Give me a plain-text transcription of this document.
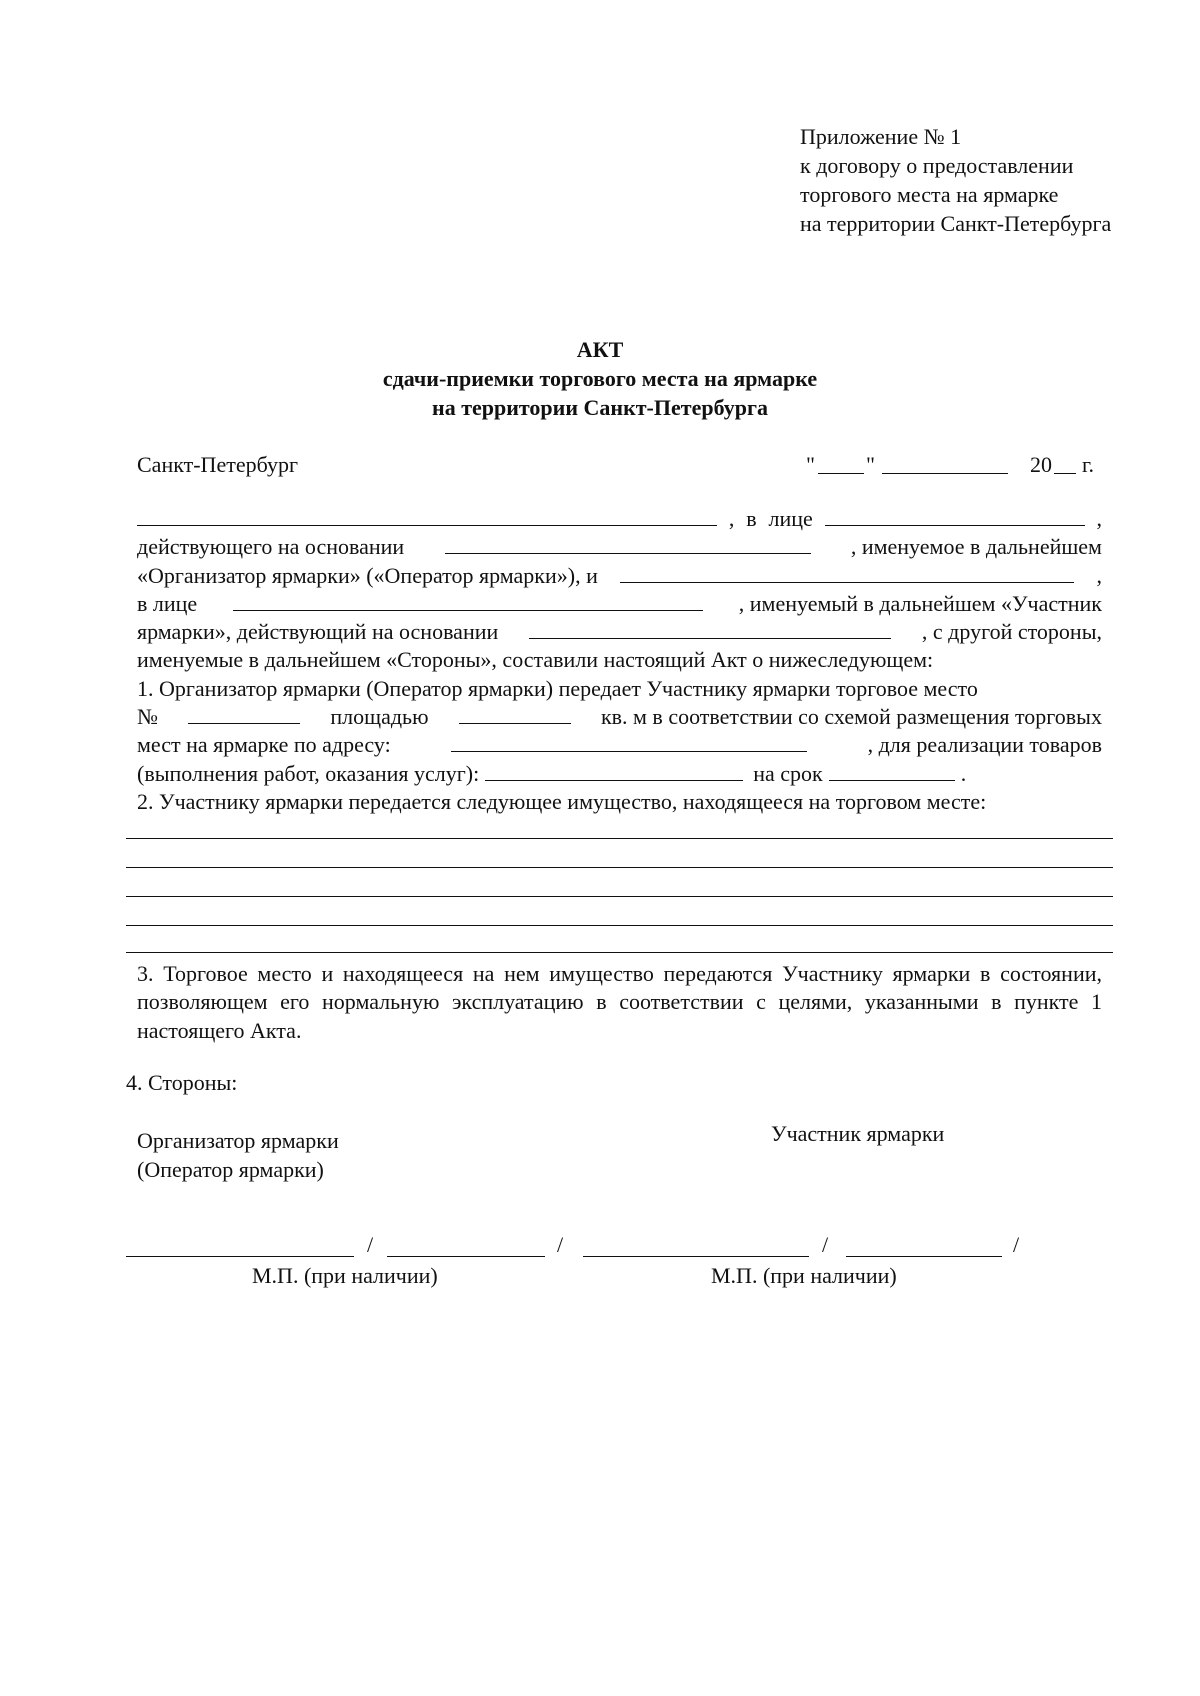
Приложение № 1
к договору о предоставлении
торгового места на ярмарке
на территории Санкт-Петербурга
АКТ
сдачи-приемки торгового места на ярмарке
на территории Санкт-Петербурга
Санкт-Петербург	" "	20 г.
, в лице	,
действующего на основании	, именуемое в дальнейшем
«Организатор ярмарки» («Оператор ярмарки»), и	,
в лице	, именуемый в дальнейшем «Участник
ярмарки», действующий на основании	, с другой стороны,
именуемые в дальнейшем «Стороны», составили настоящий Акт о нижеследующем:
1. Организатор ярмарки (Оператор ярмарки) передает Участнику ярмарки торговое место
№	площадью	кв. м в соответствии со схемой размещения торговых
мест на ярмарке по адресу:	, для реализации товаров
(выполнения работ, оказания услуг):	на срок	.
2. Участнику ярмарки передается следующее имущество, находящееся на торговом месте:
3. Торговое место и находящееся на нем имущество передаются Участнику ярмарки в состоянии, позволяющем его нормальную эксплуатацию в соответствии с целями, указанными в пункте 1 настоящего Акта.
4. Стороны:
Организатор ярмарки
(Оператор ярмарки)
Участник ярмарки
/	/	/	/
М.П. (при наличии)	М.П. (при наличии)
